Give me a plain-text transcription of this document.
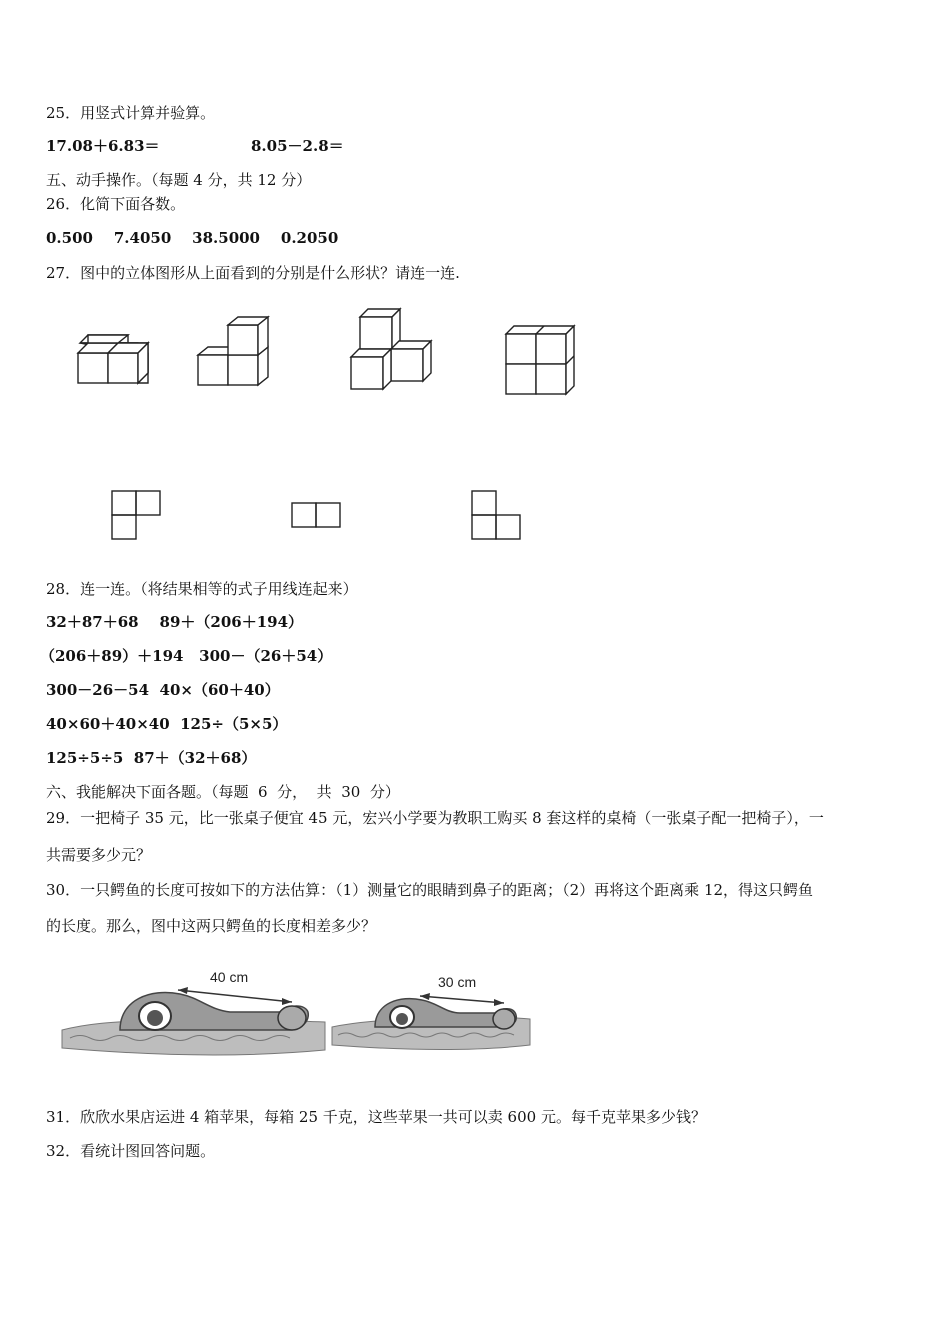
25．用竖式计算并验算。
17.08＋6.83＝	8.05－2.8＝
五、动手操作。（每题 4 分，共 12 分）
26．化简下面各数。
0.500    7.4050    38.5000    0.2050
27．图中的立体图形从上面看到的分别是什么形状？请连一连.
28．连一连。（将结果相等的式子用线连起来）
32＋87＋68    89＋（206＋194）
（206＋89）＋194   300－（26＋54）
300－26－54  40×（60＋40）
40×60＋40×40  125÷（5×5）
125÷5÷5  87＋（32＋68）
六、我能解决下面各题。（每题  6  分，  共  30  分）
29．一把椅子 35 元，比一张桌子便宜 45 元，宏兴小学要为教职工购买 8 套这样的桌椅（一张桌子配一把椅子），一
共需要多少元？
30．一只鳄鱼的长度可按如下的方法估算：（1）测量它的眼睛到鼻子的距离；（2）再将这个距离乘 12，得这只鳄鱼
的长度。那么，图中这两只鳄鱼的长度相差多少？
40 cm	30 cm
31．欣欣水果店运进 4 箱苹果，每箱 25 千克，这些苹果一共可以卖 600 元。每千克苹果多少钱？
32．看统计图回答问题。
